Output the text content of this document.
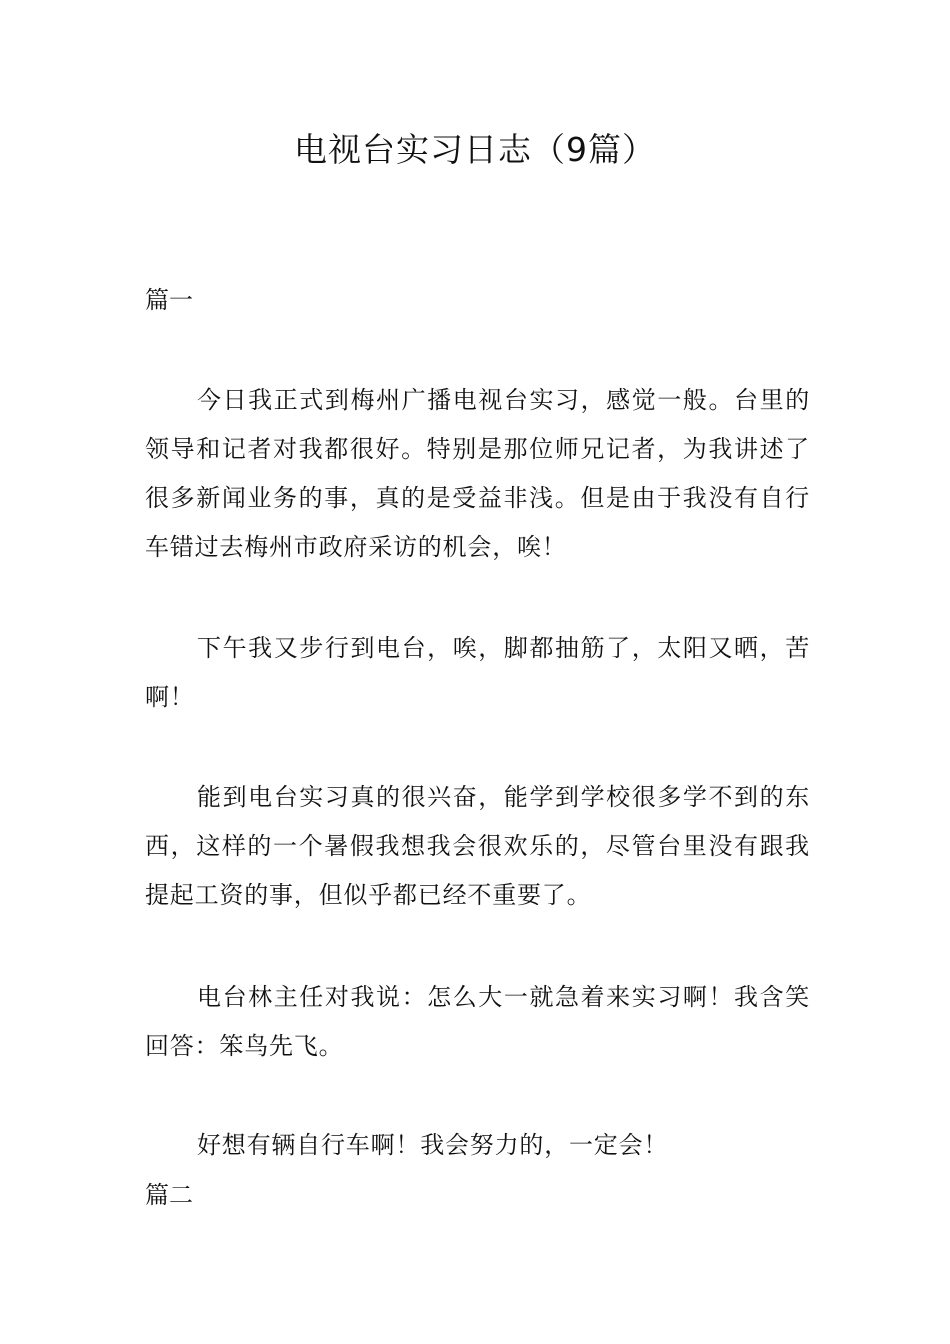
电视台实习日志（9篇）
篇一

今日我正式到梅州广播电视台实习，感觉一般。台里的领导和记者对我都很好。特别是那位师兄记者，为我讲述了很多新闻业务的事，真的是受益非浅。但是由于我没有自行车错过去梅州市政府采访的机会，唉！

下午我又步行到电台，唉，脚都抽筋了，太阳又晒，苦啊！

能到电台实习真的很兴奋，能学到学校很多学不到的东西，这样的一个暑假我想我会很欢乐的，尽管台里没有跟我提起工资的事，但似乎都已经不重要了。

电台林主任对我说：怎么大一就急着来实习啊！我含笑回答：笨鸟先飞。

好想有辆自行车啊！我会努力的，一定会！

篇二
